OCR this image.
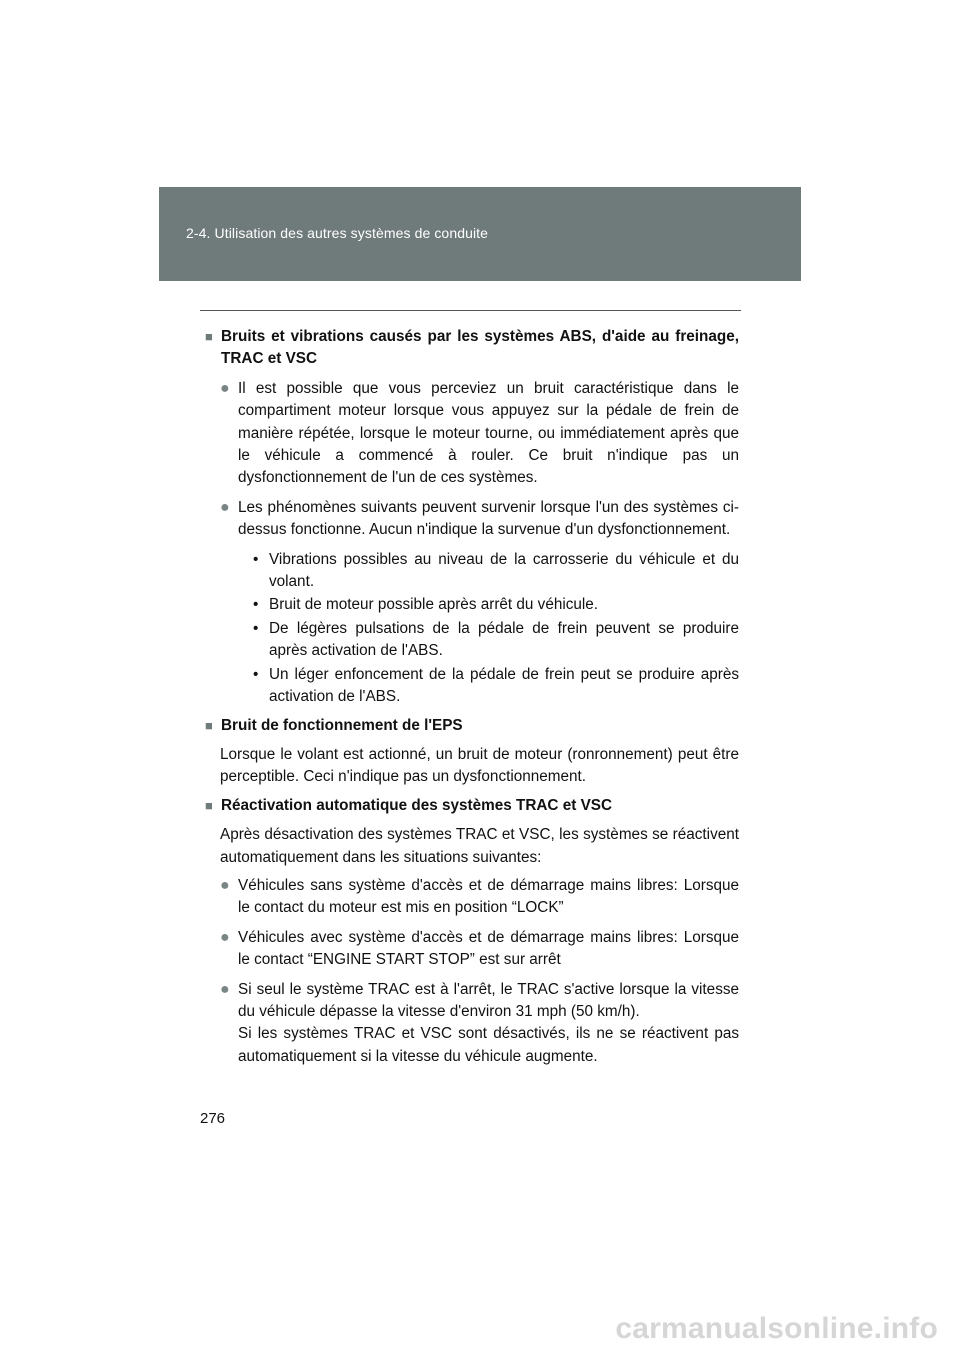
2-4. Utilisation des autres systèmes de conduite
■ Bruits et vibrations causés par les systèmes ABS, d'aide au freinage, TRAC et VSC
● Il est possible que vous perceviez un bruit caractéristique dans le compartiment moteur lorsque vous appuyez sur la pédale de frein de manière répétée, lorsque le moteur tourne, ou immédiatement après que le véhicule a commencé à rouler. Ce bruit n'indique pas un dysfonctionnement de l'un de ces systèmes.
● Les phénomènes suivants peuvent survenir lorsque l'un des systèmes ci-dessus fonctionne. Aucun n'indique la survenue d'un dysfonctionnement.
• Vibrations possibles au niveau de la carrosserie du véhicule et du volant.
• Bruit de moteur possible après arrêt du véhicule.
• De légères pulsations de la pédale de frein peuvent se produire après activation de l'ABS.
• Un léger enfoncement de la pédale de frein peut se produire après activation de l'ABS.
■ Bruit de fonctionnement de l'EPS
Lorsque le volant est actionné, un bruit de moteur (ronronnement) peut être perceptible. Ceci n'indique pas un dysfonctionnement.
■ Réactivation automatique des systèmes TRAC et VSC
Après désactivation des systèmes TRAC et VSC, les systèmes se réactivent automatiquement dans les situations suivantes:
● Véhicules sans système d'accès et de démarrage mains libres: Lorsque le contact du moteur est mis en position “LOCK”
● Véhicules avec système d'accès et de démarrage mains libres: Lorsque le contact “ENGINE START STOP” est sur arrêt
● Si seul le système TRAC est à l'arrêt, le TRAC s'active lorsque la vitesse du véhicule dépasse la vitesse d'environ 31 mph (50 km/h).

Si les systèmes TRAC et VSC sont désactivés, ils ne se réactivent pas automatiquement si la vitesse du véhicule augmente.

276
carmanualsonline.info
